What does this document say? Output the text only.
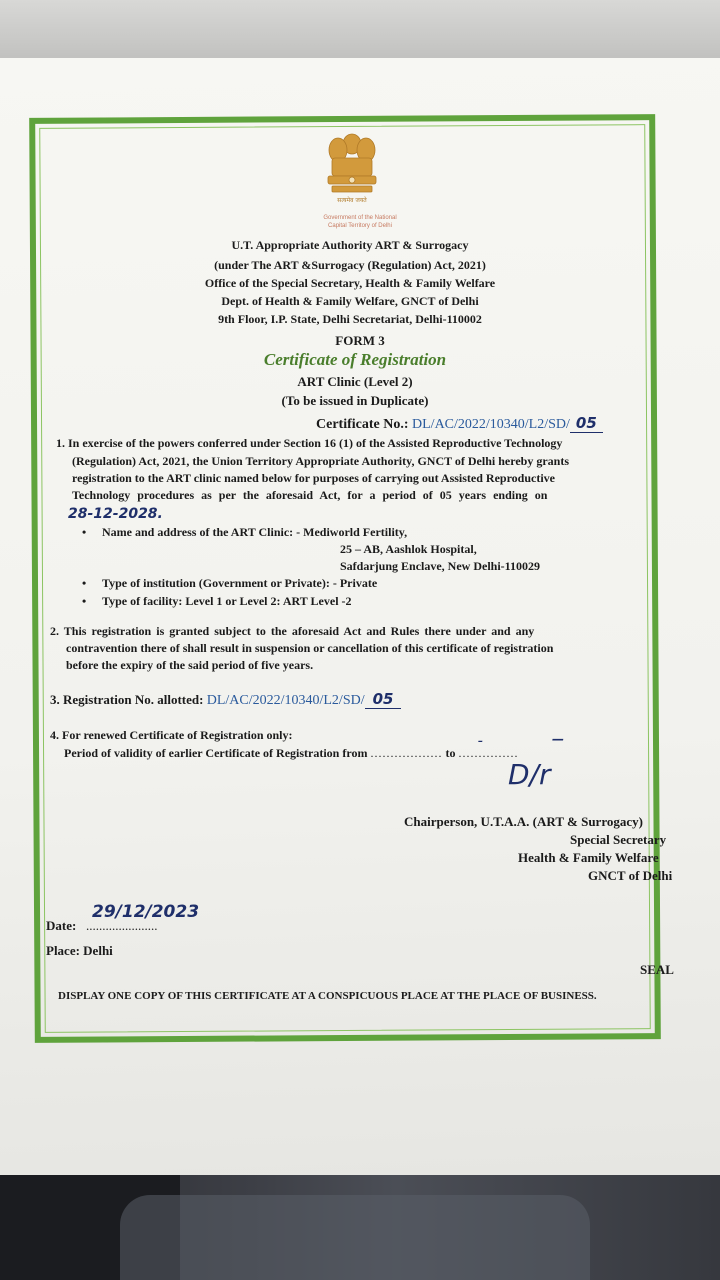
सत्यमेव जयते
Government of the National
Capital Territory of Delhi
U.T. Appropriate Authority ART & Surrogacy
(under The ART &Surrogacy (Regulation) Act, 2021)
Office of the Special Secretary, Health & Family Welfare
Dept. of Health & Family Welfare, GNCT of Delhi
9th Floor, I.P. State, Delhi Secretariat, Delhi-110002
FORM 3
Certificate of Registration
ART Clinic (Level 2)
(To be issued in Duplicate)
Certificate No.: DL/AC/2022/10340/L2/SD/ 05
1. In exercise of the powers conferred under Section 16 (1) of the Assisted Reproductive Technology
(Regulation) Act, 2021, the Union Territory Appropriate Authority, GNCT of Delhi hereby grants
registration to the ART clinic named below for purposes of carrying out Assisted Reproductive
Technology procedures as per the aforesaid Act, for a period of 05 years ending on
28-12-2028.
• Name and address of the ART Clinic: - Mediworld Fertility,
25 – AB, Aashlok Hospital,
Safdarjung Enclave, New Delhi-110029
• Type of institution (Government or Private): - Private
• Type of facility: Level 1 or Level 2: ART Level -2
2. This registration is granted subject to the aforesaid Act and Rules there under and any
contravention there of shall result in suspension or cancellation of this certificate of registration
before the expiry of the said period of five years.
3. Registration No. allotted: DL/AC/2022/10340/L2/SD/ 05
4. For renewed Certificate of Registration only:
Period of validity of earlier Certificate of Registration from .................. to ...............
–	—
D/r
Chairperson, U.T.A.A. (ART & Surrogacy)
Special Secretary
Health & Family Welfare
GNCT of Delhi
Date: ......................
29/12/2023
Place: Delhi
SEAL
DISPLAY ONE COPY OF THIS CERTIFICATE AT A CONSPICUOUS PLACE AT THE PLACE OF BUSINESS.
